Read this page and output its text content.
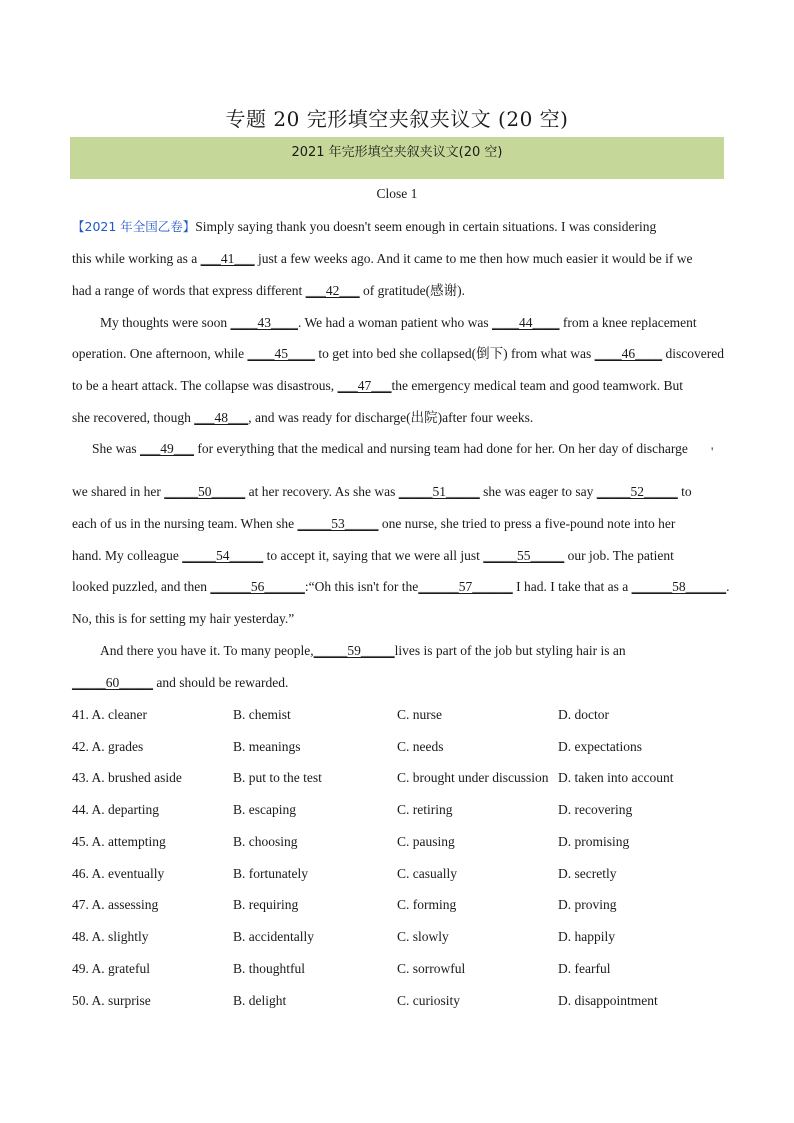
专题 20 完形填空夹叙夹议文 (20 空)
2021 年完形填空夹叙夹议文(20 空)
Close 1
【2021 年全国乙卷】Simply saying thank you doesn't seem enough in certain situations. I was considering
this while working as a ___41___ just a few weeks ago. And it came to me then how much easier it would be if we
had a range of words that express different ___42___ of gratitude(感谢).
My thoughts were soon ____43____. We had a woman patient who was ____44____ from a knee replacement
operation. One afternoon, while ____45____ to get into bed she collapsed(倒下) from what was ____46____ discovered
to be a heart attack. The collapse was disastrous, ___47___the emergency medical team and good teamwork. But
she recovered, though ___48___, and was ready for discharge(出院)after four weeks.
She was ___49___ for everything that the medical and nursing team had done for her. On her day of discharge
we shared in her _____50_____ at her recovery. As she was _____51_____ she was eager to say _____52_____ to
each of us in the nursing team. When she _____53_____ one nurse, she tried to press a five-pound note into her
hand. My colleague _____54_____ to accept it, saying that we were all just _____55_____ our job. The patient
looked puzzled, and then ______56______:“Oh this isn't for the______57______ I had. I take that as a ______58______.
No, this is for setting my hair yesterday.”
And there you have it. To many people,_____59_____lives is part of the job but styling hair is an
_____60_____ and should be rewarded.
'
41. A. cleaner	B. chemist	C. nurse	D. doctor
42. A. grades	B. meanings	C. needs	D. expectations
43. A. brushed aside	B. put to the test	C. brought under discussion D. taken into account
44. A. departing	B. escaping	C. retiring	D. recovering
45. A. attempting	B. choosing	C. pausing	D. promising
46. A. eventually	B. fortunately	C. casually	D. secretly
47. A. assessing	B. requiring	C. forming	D. proving
48. A. slightly	B. accidentally	C. slowly	D. happily
49. A. grateful	B. thoughtful	C. sorrowful	D. fearful
50. A. surprise	B. delight	C. curiosity	D. disappointment
